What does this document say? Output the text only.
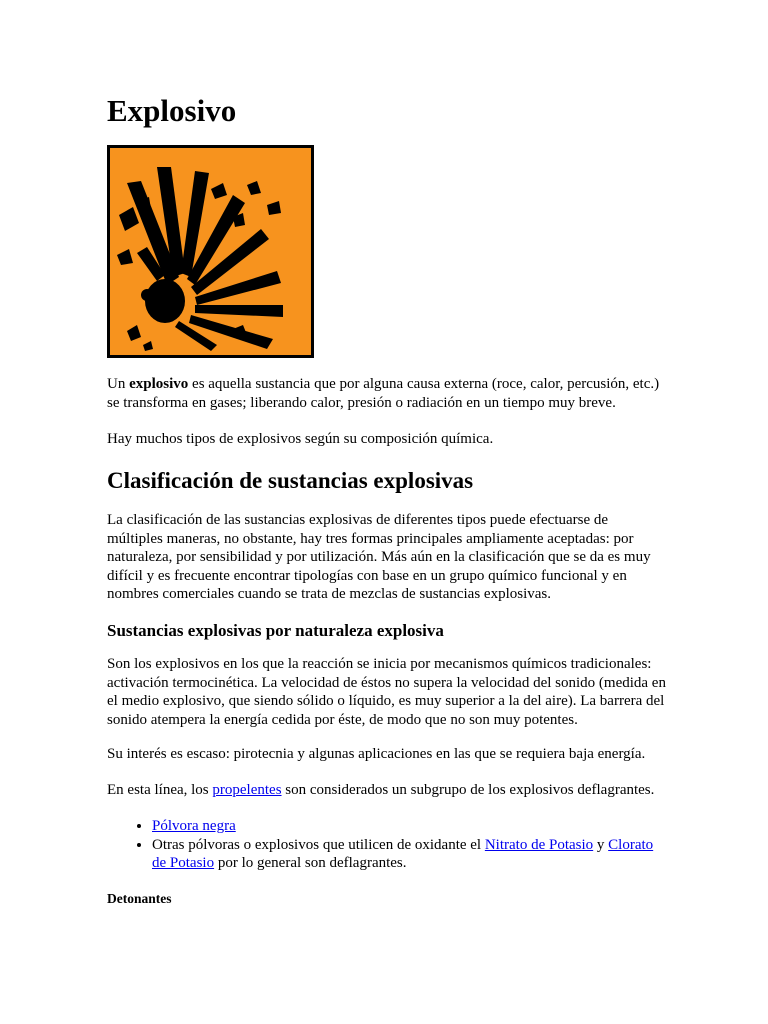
Explosivo

Un explosivo es aquella sustancia que por alguna causa externa (roce, calor, percusión, etc.) se transforma en gases; liberando calor, presión o radiación en un tiempo muy breve.

Hay muchos tipos de explosivos según su composición química.

Clasificación de sustancias explosivas

La clasificación de las sustancias explosivas de diferentes tipos puede efectuarse de múltiples maneras, no obstante, hay tres formas principales ampliamente aceptadas: por naturaleza, por sensibilidad y por utilización. Más aún en la clasificación que se da es muy difícil y es frecuente encontrar tipologías con base en un grupo químico funcional y en nombres comerciales cuando se trata de mezclas de sustancias explosivas.

Sustancias explosivas por naturaleza explosiva

Son los explosivos en los que la reacción se inicia por mecanismos químicos tradicionales: activación termocinética. La velocidad de éstos no supera la velocidad del sonido (medida en el medio explosivo, que siendo sólido o líquido, es muy superior a la del aire). La barrera del sonido atempera la energía cedida por éste, de modo que no son muy potentes.

Su interés es escaso: pirotecnia y algunas aplicaciones en las que se requiera baja energía.

En esta línea, los propelentes son considerados un subgrupo de los explosivos deflagrantes.

• Pólvora negra
• Otras pólvoras o explosivos que utilicen de oxidante el Nitrato de Potasio y Clorato de Potasio por lo general son deflagrantes.
Detonantes
